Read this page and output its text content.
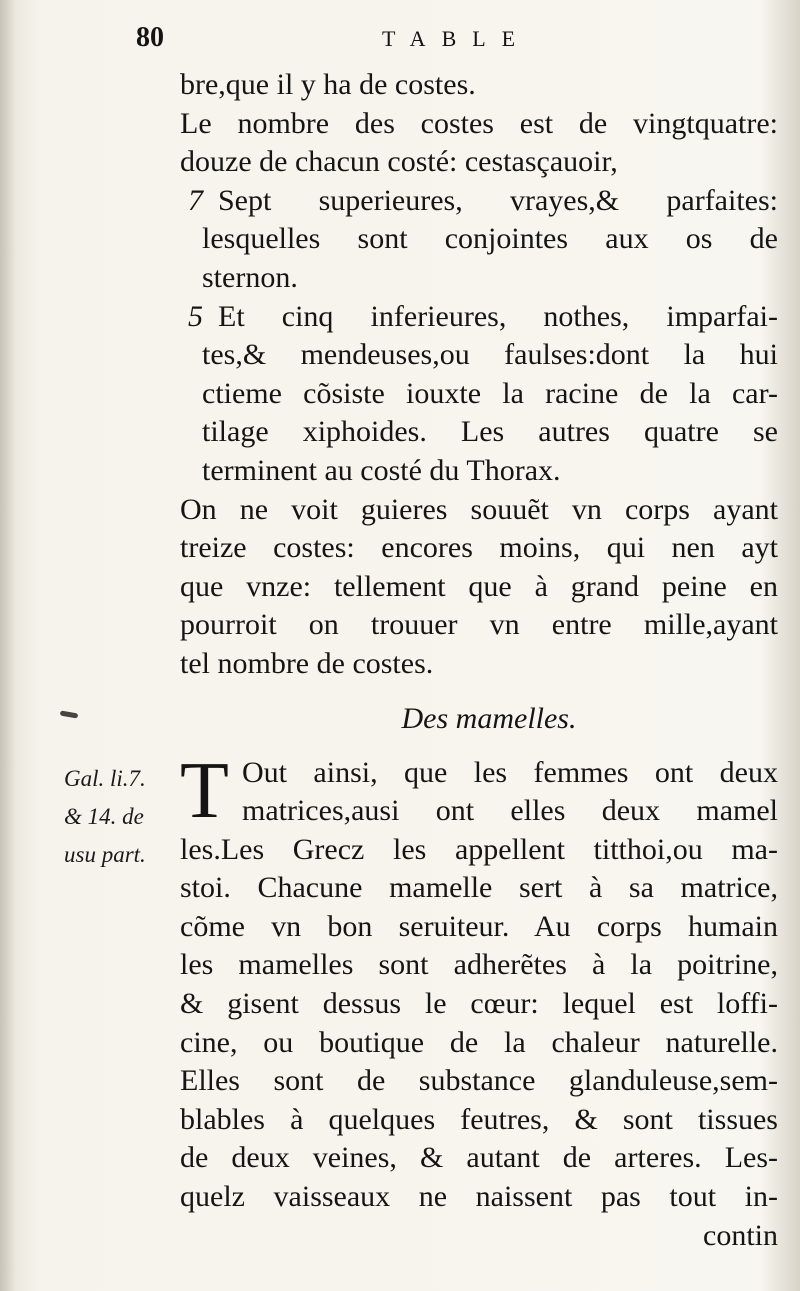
80	TABLE
bre,que il y ha de costes.
Le nombre des costes est de vingtquatre:
douze de chacun costé: cestasçauoir,
7 Sept superieures, vrayes,& parfaites:
lesquelles sont conjointes aux os de
sternon.
5 Et cinq inferieures, nothes, imparfai-
tes,& mendeuses,ou faulses:dont la hui
ctieme cõsiste iouxte la racine de la car-
tilage xiphoides. Les autres quatre se
terminent au costé du Thorax.
On ne voit guieres souuẽt vn corps ayant
treize costes: encores moins, qui nen ayt
que vnze: tellement que à grand peine en
pourroit on trouuer vn entre mille,ayant
tel nombre de costes.
Des mamelles.
T Out ainsi, que les femmes ont deux
matrices,ausi ont elles deux mamel
les.Les Grecz les appellent titthoi,ou ma-
stoi. Chacune mamelle sert à sa matrice,
cõme vn bon seruiteur. Au corps humain
les mamelles sont adherẽtes à la poitrine,
& gisent dessus le cœur: lequel est loffi-
cine, ou boutique de la chaleur naturelle.
Elles sont de substance glanduleuse,sem-
blables à quelques feutres, & sont tissues
de deux veines, & autant de arteres. Les-
quelz vaisseaux ne naissent pas tout in-
contin
Gal. li.7.
& 14. de
usu part.
